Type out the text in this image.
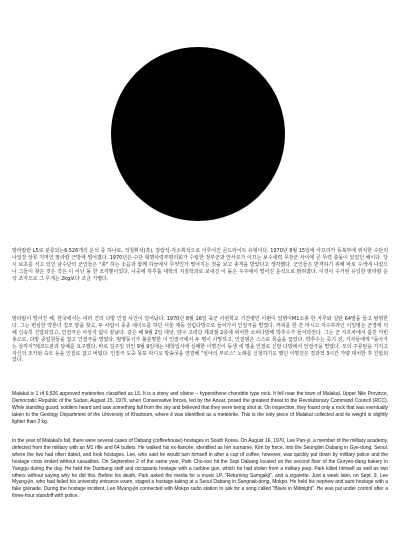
말라칼란 L5로 분류되는6.526개의 운석 중 하나로, 적철휘석(흑), 감람석-자소휘석으로 이루어진 콘드라이트 유형이다. 1970년 8월 15일에 아프리카 동북부에 위치한 수단의 나일강 상류 지역인 말라칼 근방에 떨어졌다. 1970년은 수단 혁명사령부평의회가 수립한 정부군과 안사르가 이끄는 보수세력 무장군 사이에 큰 무력 충돌이 있었던 해이다. 당시 보초를 서고 있던 남수단의 군인들은 "총" 하는 소음과 함께 하늘에서 무엇인가 떨어지는 것을 보고 총격을 받았다고 생각했다. 군인들은 반격하기 위해 바로 수색에 나섰으나 그들이 찾은 것은 작은 이 어닌 돌 한 조각뿐이었다. 나중에 하루툼 대학의 지질학과로 보내진 이 돌은 우주에서 떨어진 운석으로 밝혀졌다. 이것이 수거된 유일한 말라칼 운석 조각으로 그 무게는 2kg보다 조금 가볍다.

말라칼이 떨어진 해, 한국에서는 여러 건의 다방 인질 사건이 일어났다. 1970년 8월 16일 육군 사관학교 기간병인 이편이 일병이M1소총 한 자루와 실탄 64발을 들고 탈영한다. 그는 변심한 약혼녀 김모 양을 찾고, 두 사람이 종종 데이트를 하던 서울 계동 성림다방으로 들어가서 인질극을 벌였다. 커피를 한 잔 마시고 자수하라던 이일병은 군경에 의해 신속히 진압되었고, 인질극은 사상자 없이 끝났다. 같은 해 9월 2일 대낮, 양구 고려당 제과점 2층에 위치한 소피다방에 박추수가 들이닥친다. 그는 군 지프차에서 훔친 카빈총으로, 다방 종업원들을 잡고 인질극을 벌였다. 범행동기가 불분명한 이 인질극에서 두 명이 사망하고, 인질범은 스스로 목숨을 끊었다. 박추수는 죽기 전, 기자들에게 "돌아가는 삼각지"레코드판과 담배를 요구했다. 바로 일주일 뒤인 9월 9일에는 대학입시에 실패한 이명진이 동생 세 명을 인질로 신방 다방에서 인질극을 벌였다. 모의 주류탄을 가지고 자신의 조카와 숙모 등을 인질로 잡고 버텼다. 인질극 도중 목포 라디오 방송국을 연결해 "심야의 부르스" 노래를 신청하기도 했던 이명진은 결과적 3시간 가량 대치한 후 진압되었다.

Malakal is 1 of 6,526 approved meteorites classified as L5. It is a stony and olivine – hypersthene chondrite type rock. It fell near the town of Malakal, Upper Nile Province, Democratic Republic of the Sudan, August 15, 1970, when Conservative forces, led by the Ansar, posed the greatest threat to the Revolutionary Command Council (RCC). While standing guard, soldiers heard and saw something fall from the sky and believed that they were being shot at. On inspection, they found only a rock that was eventually taken to the Geology Department of the University of Khartoum, where it was identified as a meteorite. This is the only piece of Malakal collected and its weight is slightly lighter than 2 kg.

In the year of Malakal's fall, there were several cases of Dabang (coffeehouse) hostages in South Korea. On August 16, 1970, Lee Pan-yi, a member of the military academy, defected from the military with an M1 rifle and 64 bullets. He walked his ex-fiancée, identified as her surname, Kim by force, into the Seonglim Dabang in Gye-dong, Seoul, where the two had often dated, and took hostages. Lee, who said he would turn himself in after a cup of coffee, however, was quickly put down by military police and the hostage crisis ended without casualties. On September 2 of the same year, Park Chu-soo hit the Sopi Dabang located on the second floor of the Goryeo-dang bakery in Yanggu during the day. He held the Danbang staff and occupants hostage with a carbine gun, which he had stolen from a military jeep. Park killed himself as well as two others without saying why he did this. Before his death, Park asked the media for a music LP, "Returning Samgakji", and a cigarette. Just a week later, on Sept. 9, Lee Myung-jin, who had failed his university entrance exam, staged a hostage-taking at a Seoul Dabang in Sangnak-dong, Mokpo. He held his nephew and aunt hostage with a fake grenade. During the hostage incident, Lee Myung-jin connected with Mokpo radio station to ask for a song called "Blues in Midnight". He was put under control after a three-hour standoff with police.
